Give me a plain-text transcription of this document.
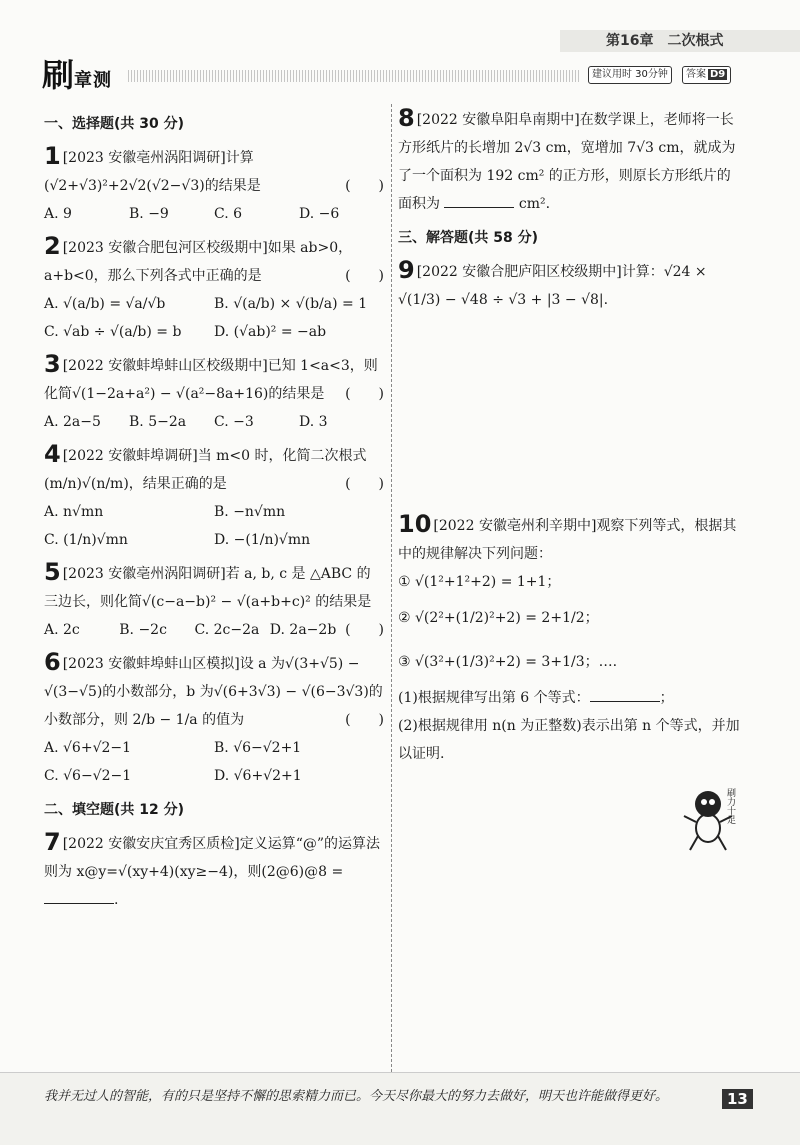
第16章　二次根式
刷章测	建议用时 30分钟	答案 D9
一、选择题(共 30 分)
1 [2023 安徽亳州涡阳调研]计算(√2+√3)²+2√2(√2−√3)的结果是	(　　)
A. 9	B. −9	C. 6	D. −6
2 [2023 安徽合肥包河区校级期中]如果 ab>0，a+b<0，那么下列各式中正确的是	(　　)
A. √(a/b) = √a/√b	B. √(a/b) × √(b/a) = 1
C. √ab ÷ √(a/b) = b	D. (√ab)² = −ab
3 [2022 安徽蚌埠蚌山区校级期中]已知 1<a<3，则化简√(1−2a+a²) − √(a²−8a+16)的结果是 (　　)
A. 2a−5	B. 5−2a	C. −3	D. 3
4 [2022 安徽蚌埠调研]当 m<0 时，化简二次根式 (m/n)√(n/m)，结果正确的是	(　　)
A. n√mn	B. −n√mn
C. (1/n)√mn	D. −(1/n)√mn
5 [2023 安徽亳州涡阳调研]若 a, b, c 是 △ABC 的三边长，则化简√(c−a−b)² − √(a+b+c)² 的结果是
(　　)
A. 2c	B. −2c	C. 2c−2a D. 2a−2b
6 [2023 安徽蚌埠蚌山区模拟]设 a 为√(3+√5) − √(3−√5)的小数部分，b 为√(6+3√3) − √(6−3√3)的小数部分，则 2/b − 1/a 的值为	(　　)
A. √6+√2−1	B. √6−√2+1
C. √6−√2−1	D. √6+√2+1
二、填空题(共 12 分)
7 [2022 安徽安庆宜秀区质检]定义运算“@”的运算法则为 x@y=√(xy+4)(xy≥−4)，则(2@6)@8 = .
8 [2022 安徽阜阳阜南期中]在数学课上，老师将一长方形纸片的长增加 2√3 cm，宽增加 7√3 cm，就成为了一个面积为 192 cm² 的正方形，则原长方形纸片的面积为	cm².
三、解答题(共 58 分)
9 [2022 安徽合肥庐阳区校级期中]计算：√24 × √(1/3) − √48 ÷ √3 + |3 − √8|.
10 [2022 安徽亳州利辛期中]观察下列等式，根据其中的规律解决下列问题：
① √(1²+1²+2) = 1+1；
② √(2²+(1/2)²+2) = 2+1/2；
③ √(3²+(1/3)²+2) = 3+1/3；….
(1)根据规律写出第 6 个等式：	；
(2)根据规律用 n(n 为正整数)表示出第 n 个等式，并加以证明.
刷力十足
我并无过人的智能，有的只是坚持不懈的思索精力而已。今天尽你最大的努力去做好，明天也许能做得更好。	13
